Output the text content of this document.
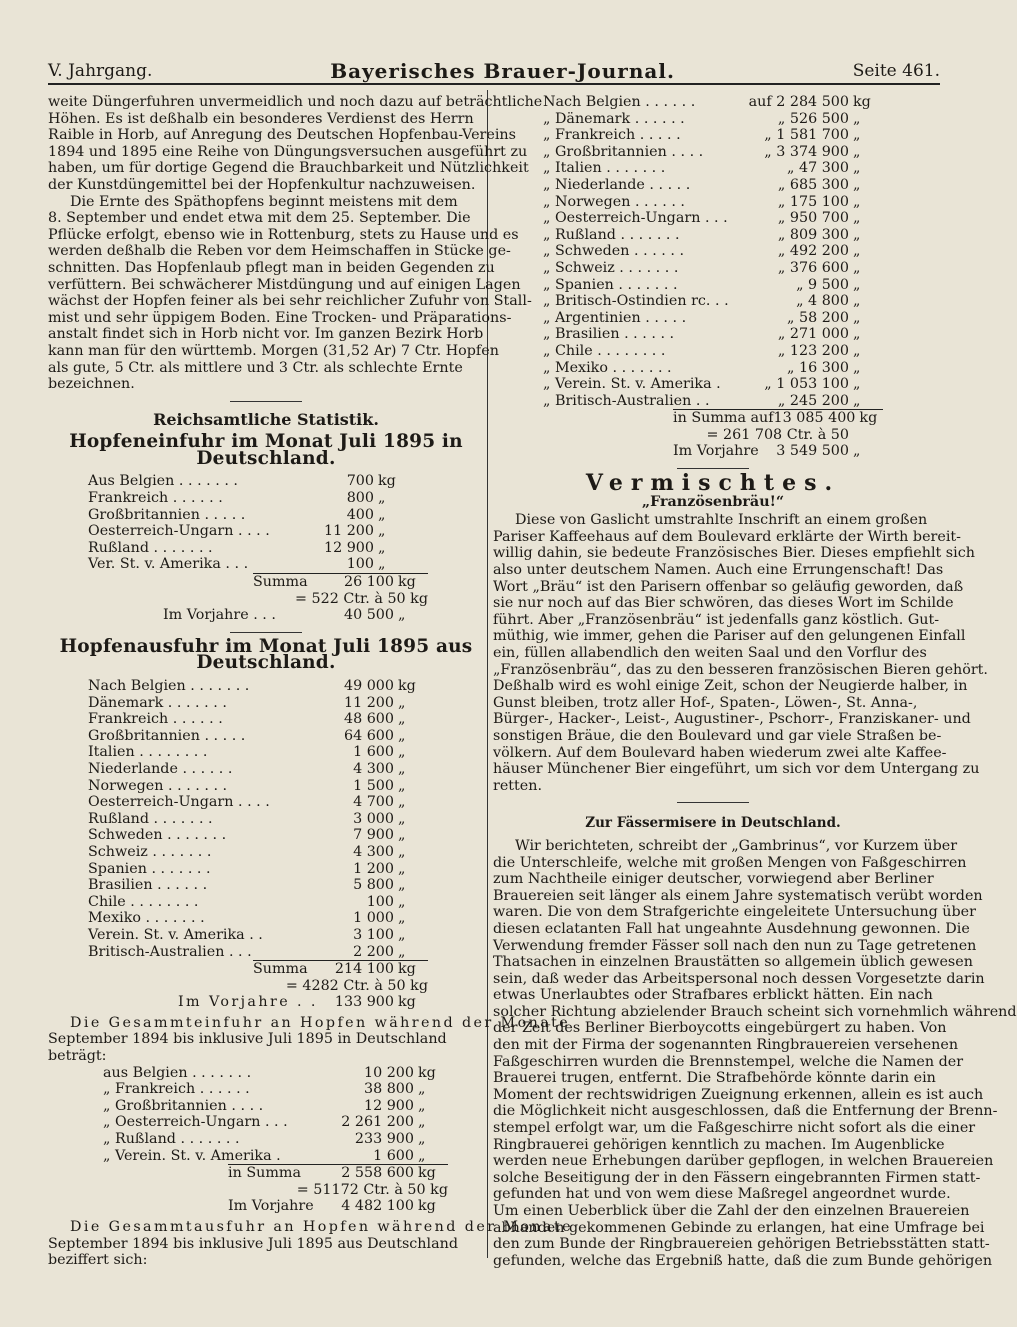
V. Jahrgang.	Bayerisches Brauer-Journal.	Seite 461.
weite Düngerfuhren unvermeidlich und noch dazu auf beträchtliche
Höhen. Es ist deßhalb ein besonderes Verdienst des Herrn
Raible in Horb, auf Anregung des Deutschen Hopfenbau-Vereins
1894 und 1895 eine Reihe von Düngungsversuchen ausgeführt zu
haben, um für dortige Gegend die Brauchbarkeit und Nützlichkeit
der Kunstdüngemittel bei der Hopfenkultur nachzuweisen.
Die Ernte des Späthopfens beginnt meistens mit dem
8. September und endet etwa mit dem 25. September. Die
Pflücke erfolgt, ebenso wie in Rottenburg, stets zu Hause und es
werden deßhalb die Reben vor dem Heimschaffen in Stücke ge-
schnitten. Das Hopfenlaub pflegt man in beiden Gegenden zu
verfüttern. Bei schwächerer Mistdüngung und auf einigen Lagen
wächst der Hopfen feiner als bei sehr reichlicher Zufuhr von Stall-
mist und sehr üppigem Boden. Eine Trocken- und Präparations-
anstalt findet sich in Horb nicht vor. Im ganzen Bezirk Horb
kann man für den württemb. Morgen (31,52 Ar) 7 Ctr. Hopfen
als gute, 5 Ctr. als mittlere und 3 Ctr. als schlechte Ernte
bezeichnen.
Reichsamtliche Statistik.
Hopfeneinfuhr im Monat Juli 1895 in Deutschland.
Aus Belgien . . . . . . .	700 kg
Frankreich . . . . . .	800 „
Großbritannien . . . . .	400 „
Oesterreich-Ungarn . . . .	11 200 „
Rußland . . . . . . .	12 900 „
Ver. St. v. Amerika . . .	100 „
Summa	26 100 kg
= 522 Ctr. à 50 kg
Im Vorjahre . . .	40 500 „
Hopfenausfuhr im Monat Juli 1895 aus Deutschland.
Nach Belgien . . . . . . .	49 000 kg
Dänemark . . . . . . .	11 200 „
Frankreich . . . . . .	48 600 „
Großbritannien . . . . .	64 600 „
Italien . . . . . . . .	1 600 „
Niederlande . . . . . .	4 300 „
Norwegen . . . . . . .	1 500 „
Oesterreich-Ungarn . . . .	4 700 „
Rußland . . . . . . .	3 000 „
Schweden . . . . . . .	7 900 „
Schweiz . . . . . . .	4 300 „
Spanien . . . . . . .	1 200 „
Brasilien . . . . . .	5 800 „
Chile . . . . . . . .	100 „
Mexiko . . . . . . .	1 000 „
Verein. St. v. Amerika . .	3 100 „
Britisch-Australien . . .	2 200 „
Summa	214 100 kg
= 4282 Ctr. à 50 kg
Im Vorjahre . .	133 900 kg
Die Gesammteinfuhr an Hopfen während der Monate
September 1894 bis inklusive Juli 1895 in Deutschland
beträgt:
aus Belgien . . . . . . .	10 200 kg
„ Frankreich . . . . . .	38 800 „
„ Großbritannien . . . .	12 900 „
„ Oesterreich-Ungarn . . .	2 261 200 „
„ Rußland . . . . . . .	233 900 „
„ Verein. St. v. Amerika .	1 600 „
in Summa	2 558 600 kg
= 51172 Ctr. à 50 kg
Im Vorjahre	4 482 100 kg
Die Gesammtausfuhr an Hopfen während der Monate
September 1894 bis inklusive Juli 1895 aus Deutschland
beziffert sich:
Nach Belgien . . . . . .	auf 2 284 500 kg
„ Dänemark . . . . . .	„ 526 500 „
„ Frankreich . . . . .	„ 1 581 700 „
„ Großbritannien . . . .	„ 3 374 900 „
„ Italien . . . . . . .	„ 47 300 „
„ Niederlande . . . . .	„ 685 300 „
„ Norwegen . . . . . .	„ 175 100 „
„ Oesterreich-Ungarn . . .	„ 950 700 „
„ Rußland . . . . . . .	„ 809 300 „
„ Schweden . . . . . .	„ 492 200 „
„ Schweiz . . . . . . .	„ 376 600 „
„ Spanien . . . . . . .	„ 9 500 „
„ Britisch-Ostindien rc. . .	„ 4 800 „
„ Argentinien . . . . .	„ 58 200 „
„ Brasilien . . . . . .	„ 271 000 „
„ Chile . . . . . . . .	„ 123 200 „
„ Mexiko . . . . . . .	„ 16 300 „
„ Verein. St. v. Amerika .	„ 1 053 100 „
„ Britisch-Australien . .	„ 245 200 „
in Summa auf 13 085 400 kg
= 261 708 Ctr. à 50
Im Vorjahre	3 549 500 „
Vermischtes.
„Französenbräu!“
Diese von Gaslicht umstrahlte Inschrift an einem großen
Pariser Kaffeehaus auf dem Boulevard erklärte der Wirth bereit-
willig dahin, sie bedeute Französisches Bier. Dieses empfiehlt sich
also unter deutschem Namen. Auch eine Errungenschaft! Das
Wort „Bräu“ ist den Parisern offenbar so geläufig geworden, daß
sie nur noch auf das Bier schwören, das dieses Wort im Schilde
führt. Aber „Französenbräu“ ist jedenfalls ganz köstlich. Gut-
müthig, wie immer, gehen die Pariser auf den gelungenen Einfall
ein, füllen allabendlich den weiten Saal und den Vorflur des
„Französenbräu“, das zu den besseren französischen Bieren gehört.
Deßhalb wird es wohl einige Zeit, schon der Neugierde halber, in
Gunst bleiben, trotz aller Hof-, Spaten-, Löwen-, St. Anna-,
Bürger-, Hacker-, Leist-, Augustiner-, Pschorr-, Franziskaner- und
sonstigen Bräue, die den Boulevard und gar viele Straßen be-
völkern. Auf dem Boulevard haben wiederum zwei alte Kaffee-
häuser Münchener Bier eingeführt, um sich vor dem Untergang zu
retten.
Zur Fässermisere in Deutschland.
Wir berichteten, schreibt der „Gambrinus“, vor Kurzem über
die Unterschleife, welche mit großen Mengen von Faßgeschirren
zum Nachtheile einiger deutscher, vorwiegend aber Berliner
Brauereien seit länger als einem Jahre systematisch verübt worden
waren. Die von dem Strafgerichte eingeleitete Untersuchung über
diesen eclatanten Fall hat ungeahnte Ausdehnung gewonnen. Die
Verwendung fremder Fässer soll nach den nun zu Tage getretenen
Thatsachen in einzelnen Braustätten so allgemein üblich gewesen
sein, daß weder das Arbeitspersonal noch dessen Vorgesetzte darin
etwas Unerlaubtes oder Strafbares erblickt hätten. Ein nach
solcher Richtung abzielender Brauch scheint sich vornehmlich während
der Zeit des Berliner Bierboycotts eingebürgert zu haben. Von
den mit der Firma der sogenannten Ringbrauereien versehenen
Faßgeschirren wurden die Brennstempel, welche die Namen der
Brauerei trugen, entfernt. Die Strafbehörde könnte darin ein
Moment der rechtswidrigen Zueignung erkennen, allein es ist auch
die Möglichkeit nicht ausgeschlossen, daß die Entfernung der Brenn-
stempel erfolgt war, um die Faßgeschirre nicht sofort als die einer
Ringbrauerei gehörigen kenntlich zu machen. Im Augenblicke
werden neue Erhebungen darüber gepflogen, in welchen Brauereien
solche Beseitigung der in den Fässern eingebrannten Firmen statt-
gefunden hat und von wem diese Maßregel angeordnet wurde.
Um einen Ueberblick über die Zahl der den einzelnen Brauereien
abhanden gekommenen Gebinde zu erlangen, hat eine Umfrage bei
den zum Bunde der Ringbrauereien gehörigen Betriebsstätten statt-
gefunden, welche das Ergebniß hatte, daß die zum Bunde gehörigen
